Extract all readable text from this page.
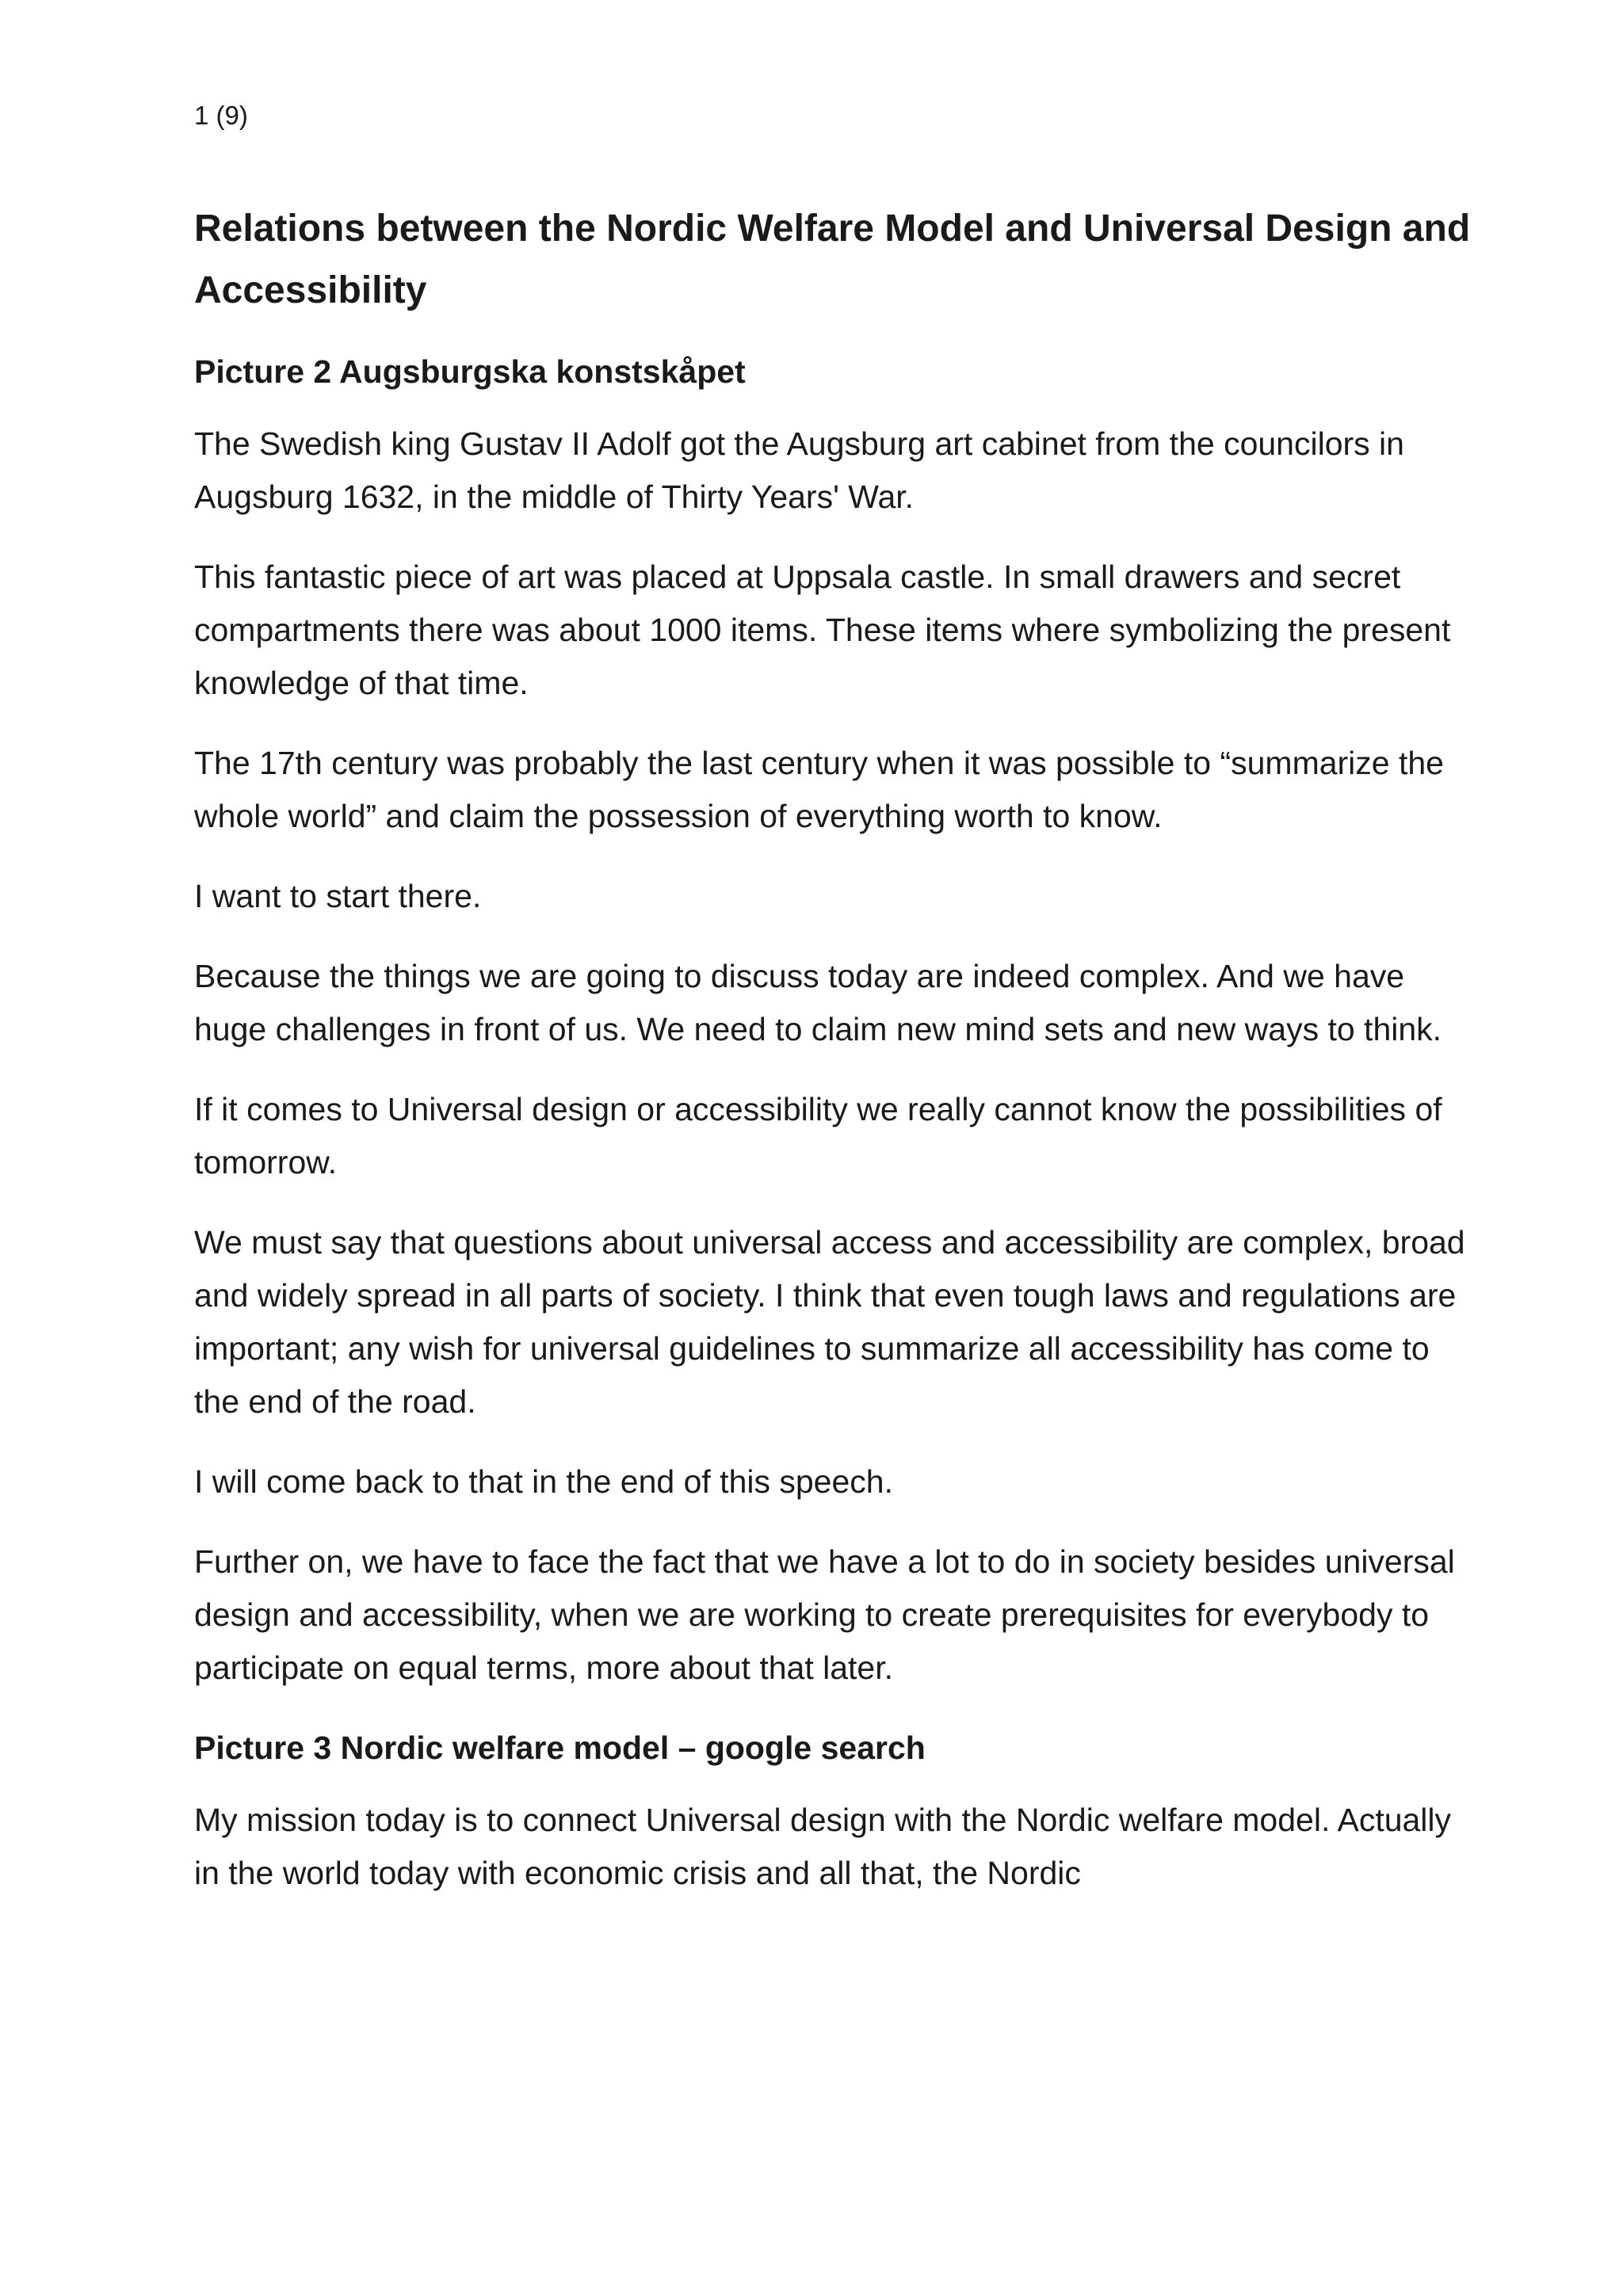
1 (9)
Relations between the Nordic Welfare Model and Universal Design and Accessibility
Picture 2 Augsburgska konstskåpet

The Swedish king Gustav II Adolf got the Augsburg art cabinet from the councilors in Augsburg 1632, in the middle of Thirty Years' War.

This fantastic piece of art was placed at Uppsala castle. In small drawers and secret compartments there was about 1000 items. These items where symbolizing the present knowledge of that time.

The 17th century was probably the last century when it was possible to “summarize the whole world” and claim the possession of everything worth to know.

I want to start there.

Because the things we are going to discuss today are indeed complex. And we have huge challenges in front of us. We need to claim new mind sets and new ways to think.

If it comes to Universal design or accessibility we really cannot know the possibilities of tomorrow.

We must say that questions about universal access and accessibility are complex, broad and widely spread in all parts of society. I think that even tough laws and regulations are important; any wish for universal guidelines to summarize all accessibility has come to the end of the road.

I will come back to that in the end of this speech.

Further on, we have to face the fact that we have a lot to do in society besides universal design and accessibility, when we are working to create prerequisites for everybody to participate on equal terms, more about that later.

Picture 3 Nordic welfare model – google search

My mission today is to connect Universal design with the Nordic welfare model. Actually in the world today with economic crisis and all that, the Nordic
